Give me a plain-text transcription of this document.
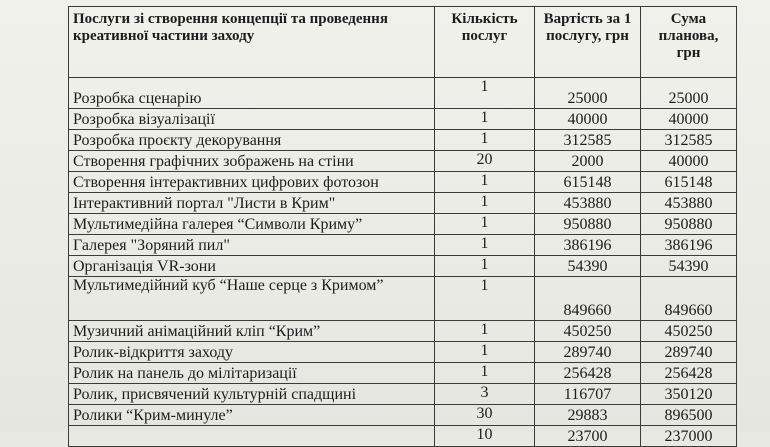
Послуги зі створення концепції та проведення креативної частини заходу	Кількість послуг	Вартість за 1 послугу, грн	Сума планова, грн
Розробка сценарію	1	25000	25000
Розробка візуалізації	1	40000	40000
Розробка проєкту декорування	1	312585	312585
Створення графічних зображень на стіни	20	2000	40000
Створення інтерактивних цифрових фотозон	1	615148	615148
Інтерактивний портал "Листи в Крим"	1	453880	453880
Мультимедійна галерея “Символи Криму”	1	950880	950880
Галерея "Зоряний пил"	1	386196	386196
Організація VR-зони	1	54390	54390
Мультимедійний куб “Наше серце з Кримом”	1	849660	849660
Музичний анімаційний кліп “Крим”	1	450250	450250
Ролик-відкриття заходу	1	289740	289740
Ролик на панель до мілітаризації	1	256428	256428
Ролик, присвячений культурній спадщині	3	116707	350120
Ролики “Крим-минуле”	30	29883	896500
	10	23700	237000
